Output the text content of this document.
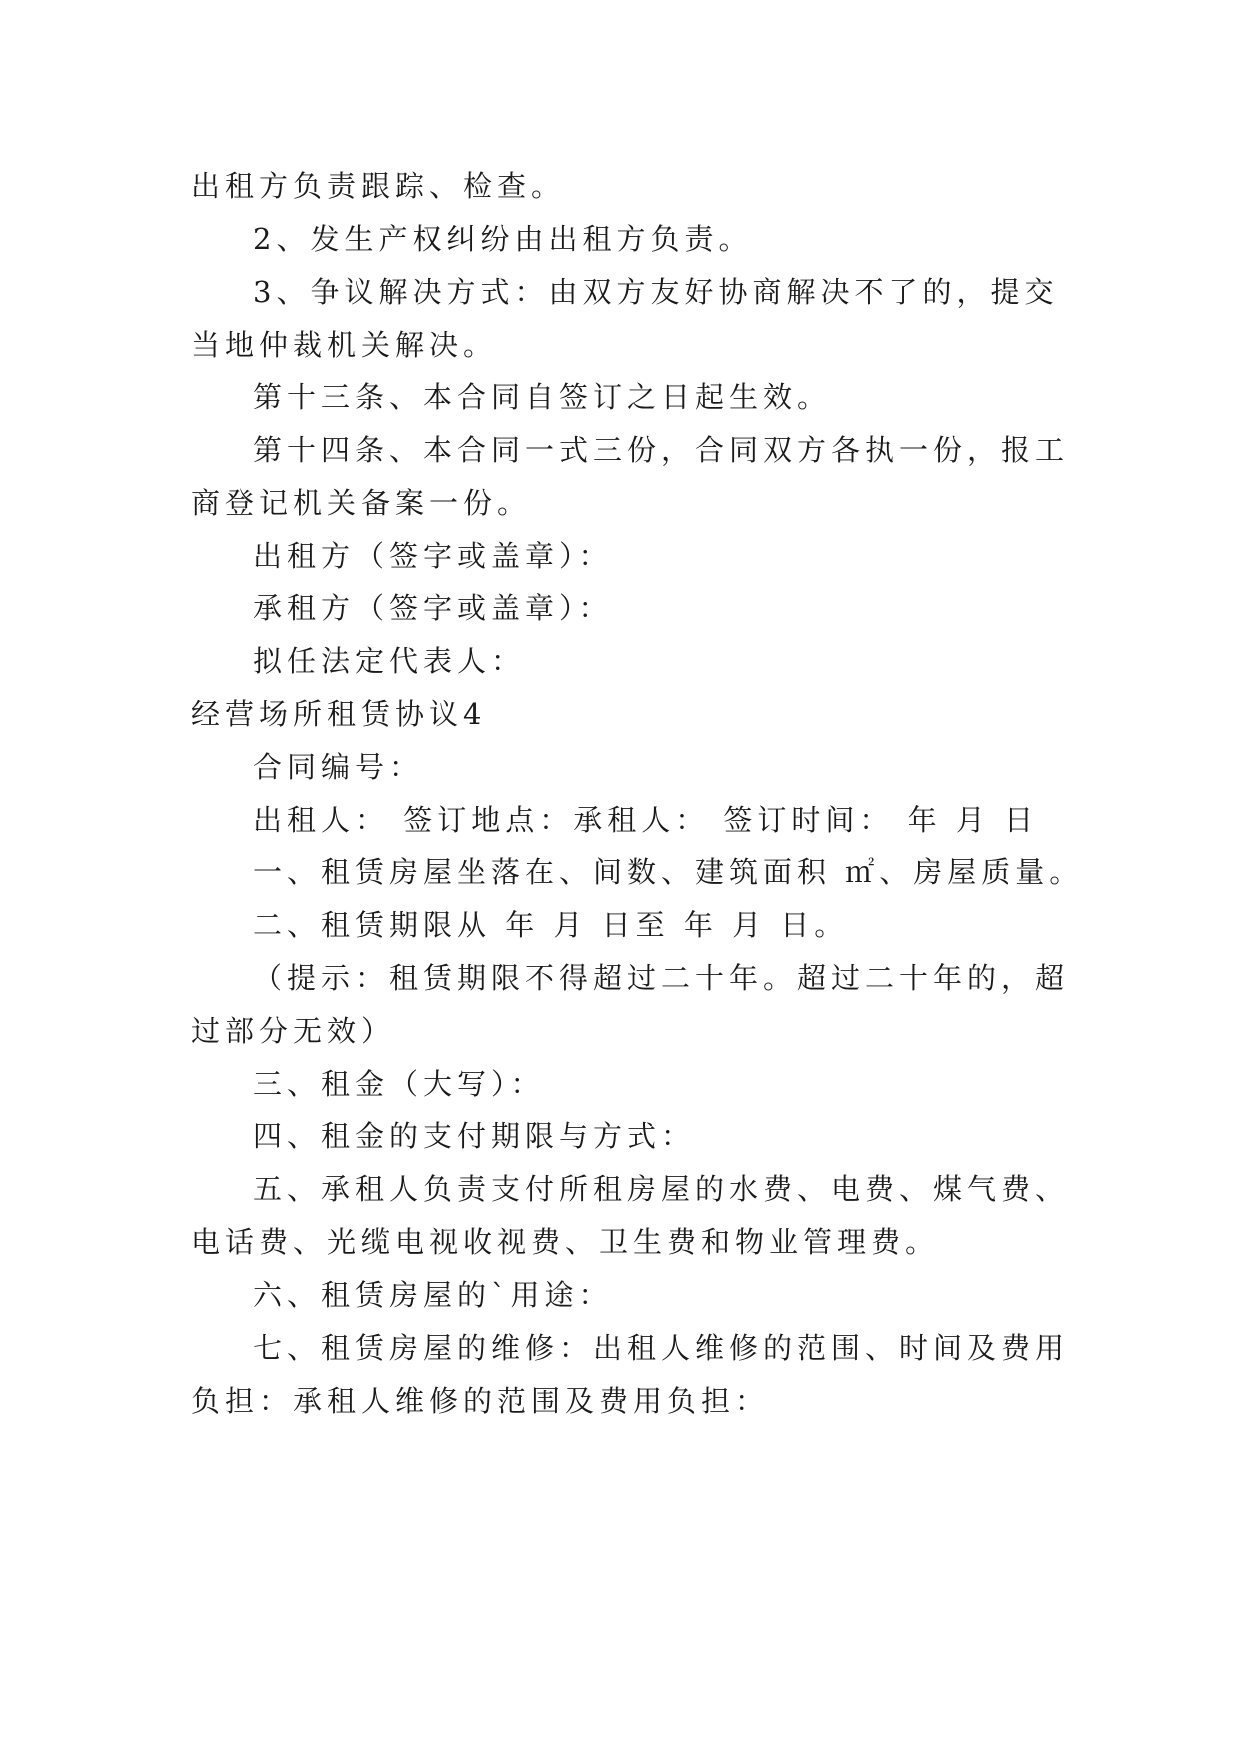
出租方负责跟踪、检查。
2、发生产权纠纷由出租方负责。
3、争议解决方式：由双方友好协商解决不了的，提交
当地仲裁机关解决。
第十三条、本合同自签订之日起生效。
第十四条、本合同一式三份，合同双方各执一份，报工
商登记机关备案一份。
出租方（签字或盖章）：
承租方（签字或盖章）：
拟任法定代表人：
经营场所租赁协议4
合同编号：
出租人： 签订地点：承租人： 签订时间： 年 月 日
一、租赁房屋坐落在、间数、建筑面积 ㎡、房屋质量。
二、租赁期限从 年 月 日至 年 月 日。
（提示：租赁期限不得超过二十年。超过二十年的，超
过部分无效）
三、租金（大写）：
四、租金的支付期限与方式：
五、承租人负责支付所租房屋的水费、电费、煤气费、
电话费、光缆电视收视费、卫生费和物业管理费。
六、租赁房屋的`用途：
七、租赁房屋的维修：出租人维修的范围、时间及费用
负担：承租人维修的范围及费用负担：
